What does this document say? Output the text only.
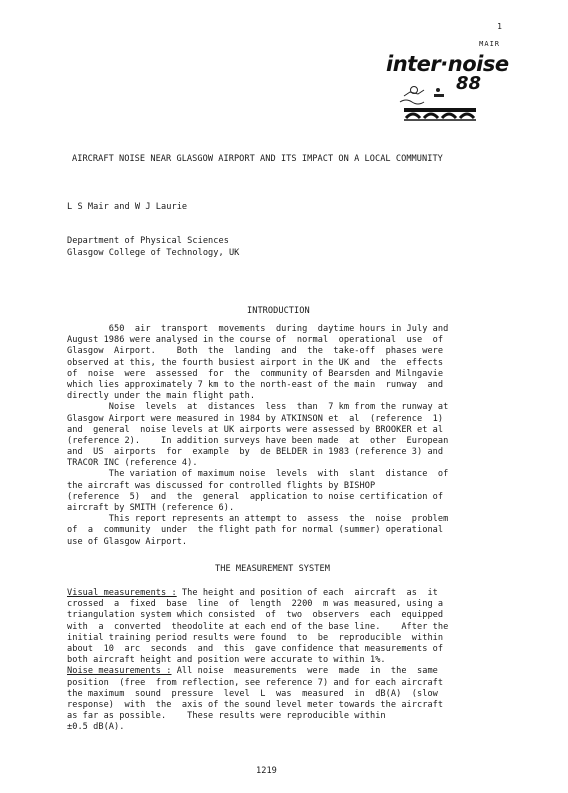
1
MAIR
inter·noise
88
AIRCRAFT NOISE NEAR GLASGOW AIRPORT AND ITS IMPACT ON A LOCAL COMMUNITY
L S Mair and W J Laurie
Department of Physical Sciences
Glasgow College of Technology, UK
INTRODUCTION
650  air  transport  movements  during  daytime hours in July and
August 1986 were analysed in the course of  normal  operational  use  of
Glasgow  Airport.    Both  the  landing  and  the  take-off  phases were
observed at this, the fourth busiest airport in the UK and  the  effects
of  noise  were  assessed  for  the  community of Bearsden and Milngavie
which lies approximately 7 km to the north-east of the main  runway  and
directly under the main flight path.
Noise  levels  at  distances  less  than  7 km from the runway at
Glasgow Airport were measured in 1984 by ATKINSON et  al  (reference  1)
and  general  noise levels at UK airports were assessed by BROOKER et al
(reference 2).    In addition surveys have been made  at  other  European
and  US  airports  for  example  by  de BELDER in 1983 (reference 3) and
TRACOR INC (reference 4).
The variation of maximum noise  levels  with  slant  distance  of
the aircraft was discussed for controlled flights by BISHOP
(reference  5)  and  the  general  application to noise certification of
aircraft by SMITH (reference 6).
This report represents an attempt to  assess  the  noise  problem
of  a  community  under  the flight path for normal (summer) operational
use of Glasgow Airport.
THE MEASUREMENT SYSTEM
Visual measurements : The height and position of each  aircraft  as  it
crossed  a  fixed  base  line  of  length  2200  m was measured, using a
triangulation system which consisted  of  two  observers  each  equipped
with  a  converted  theodolite at each end of the base line.    After the
initial training period results were found  to  be  reproducible  within
about  10  arc  seconds  and  this  gave confidence that measurements of
both aircraft height and position were accurate to within 1%.
Noise measurements : All noise  measurements  were  made  in  the  same
position  (free  from reflection, see reference 7) and for each aircraft
the maximum  sound  pressure  level  L  was  measured  in  dB(A)  (slow
response)  with  the  axis of the sound level meter towards the aircraft
as far as possible.    These results were reproducible within
±0.5 dB(A).
1219
